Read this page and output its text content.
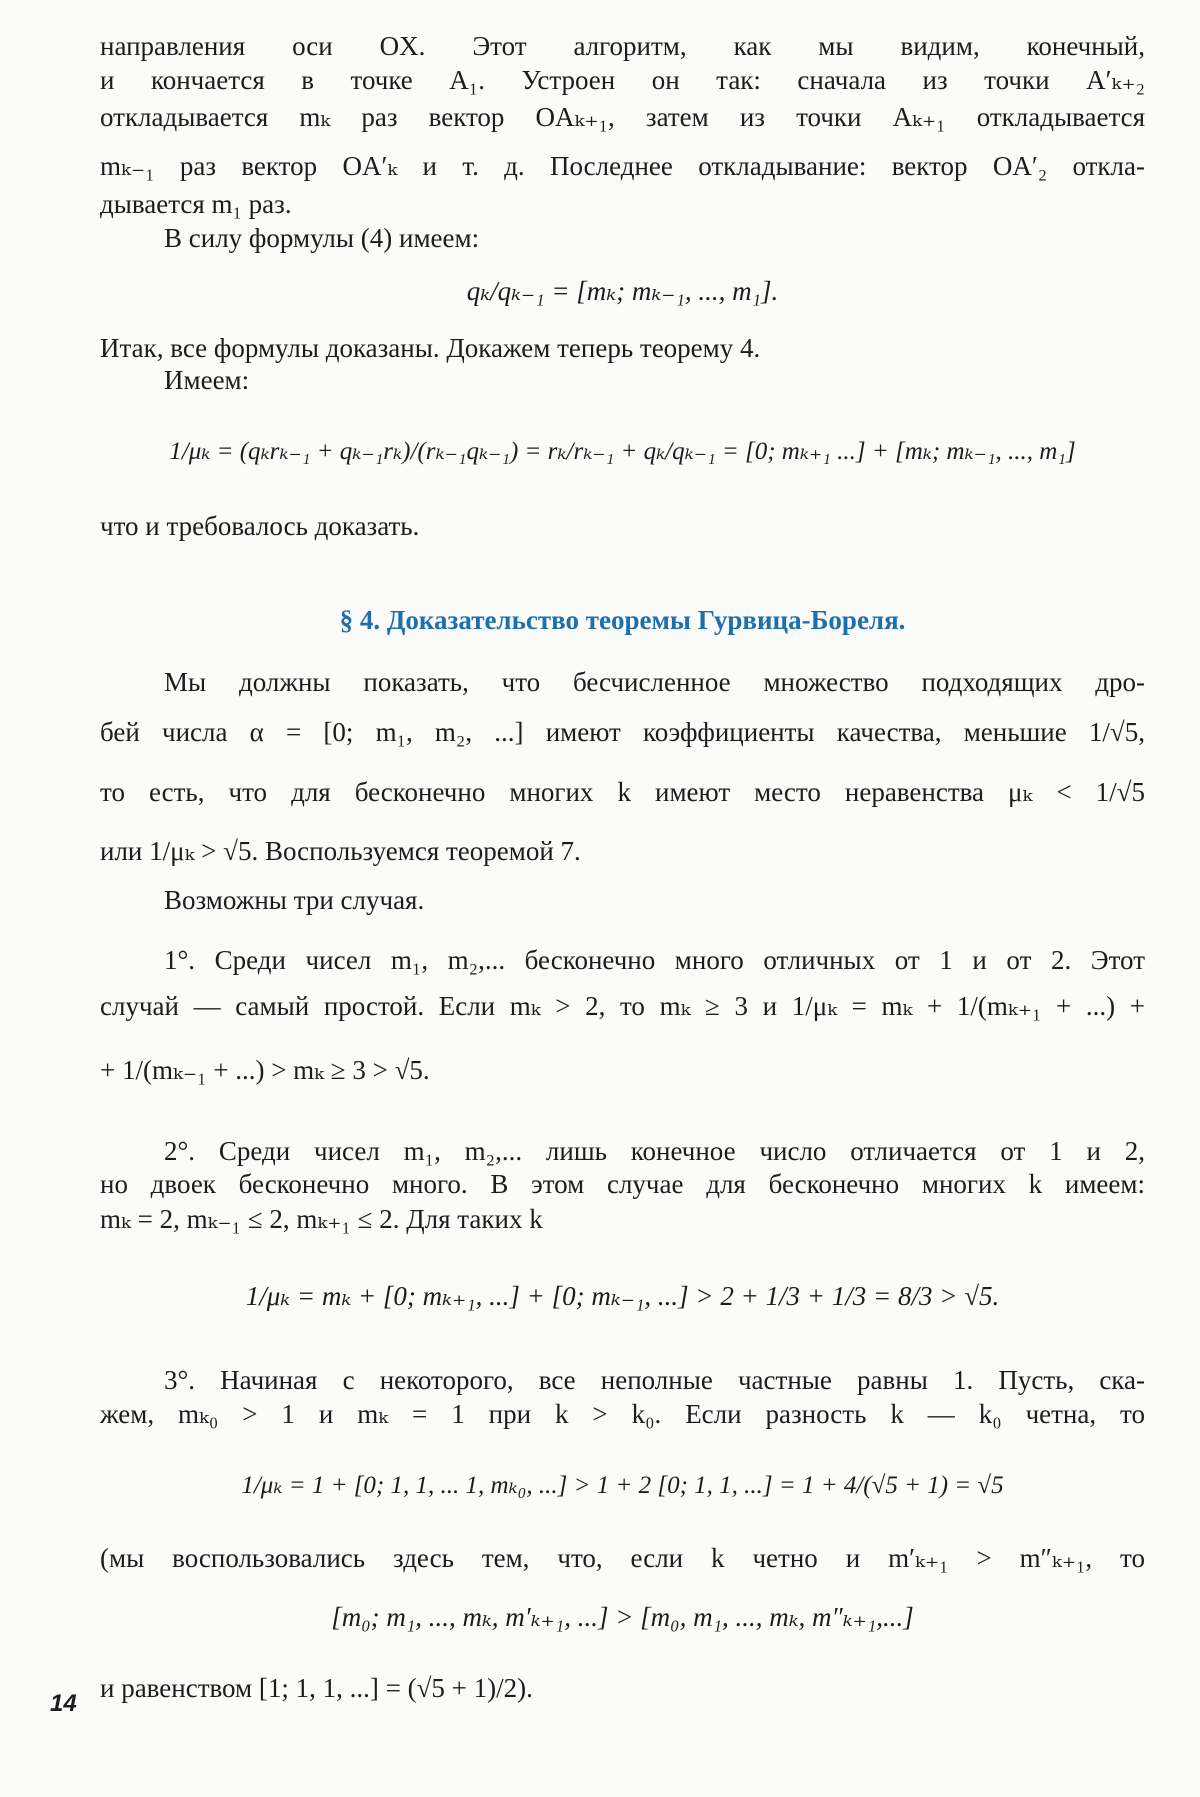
направления оси OX. Этот алгоритм, как мы видим, конечный,
и кончается в точке A₁. Устроен он так: сначала из точки A′ₖ₊₂
откладывается mₖ раз вектор OAₖ₊₁, затем из точки Aₖ₊₁ откладывается
mₖ₋₁ раз вектор OA′ₖ и т. д. Последнее откладывание: вектор OA′₂ откла-
дывается m₁ раз.
В силу формулы (4) имеем:
qₖ/qₖ₋₁ = [mₖ; mₖ₋₁, ..., m₁].
Итак, все формулы доказаны. Докажем теперь теорему 4.
Имеем:
1/μₖ = (qₖrₖ₋₁ + qₖ₋₁rₖ)/(rₖ₋₁qₖ₋₁) = rₖ/rₖ₋₁ + qₖ/qₖ₋₁ = [0; mₖ₊₁ ...] + [mₖ; mₖ₋₁, ..., m₁]
что и требовалось доказать.
§ 4. Доказательство теоремы Гурвица-Бореля.
Мы должны показать, что бесчисленное множество подходящих дро-
бей числа α = [0; m₁, m₂, ...] имеют коэффициенты качества, меньшие 1/√5,
то есть, что для бесконечно многих k имеют место неравенства μₖ < 1/√5
или 1/μₖ > √5. Воспользуемся теоремой 7.
Возможны три случая.
1°. Среди чисел m₁, m₂,... бесконечно много отличных от 1 и от 2. Этот
случай — самый простой. Если mₖ > 2, то mₖ ≥ 3 и 1/μₖ = mₖ + 1/(mₖ₊₁ + ...) +
+ 1/(mₖ₋₁ + ...) > mₖ ≥ 3 > √5.
2°. Среди чисел m₁, m₂,... лишь конечное число отличается от 1 и 2,
но двоек бесконечно много. В этом случае для бесконечно многих k имеем:
mₖ = 2, mₖ₋₁ ≤ 2, mₖ₊₁ ≤ 2. Для таких k
1/μₖ = mₖ + [0; mₖ₊₁, ...] + [0; mₖ₋₁, ...] > 2 + 1/3 + 1/3 = 8/3 > √5.
3°. Начиная с некоторого, все неполные частные равны 1. Пусть, ска-
жем, mₖ₀ > 1 и mₖ = 1 при k > k₀. Если разность k — k₀ четна, то
1/μₖ = 1 + [0; 1, 1, ... 1, mₖ₀, ...] > 1 + 2 [0; 1, 1, ...] = 1 + 4/(√5 + 1) = √5
(мы воспользовались здесь тем, что, если k четно и m′ₖ₊₁ > m″ₖ₊₁, то
[m₀; m₁, ..., mₖ, m′ₖ₊₁, ...] > [m₀, m₁, ..., mₖ, m″ₖ₊₁,...]
и равенством [1; 1, 1, ...] = (√5 + 1)/2).
14
